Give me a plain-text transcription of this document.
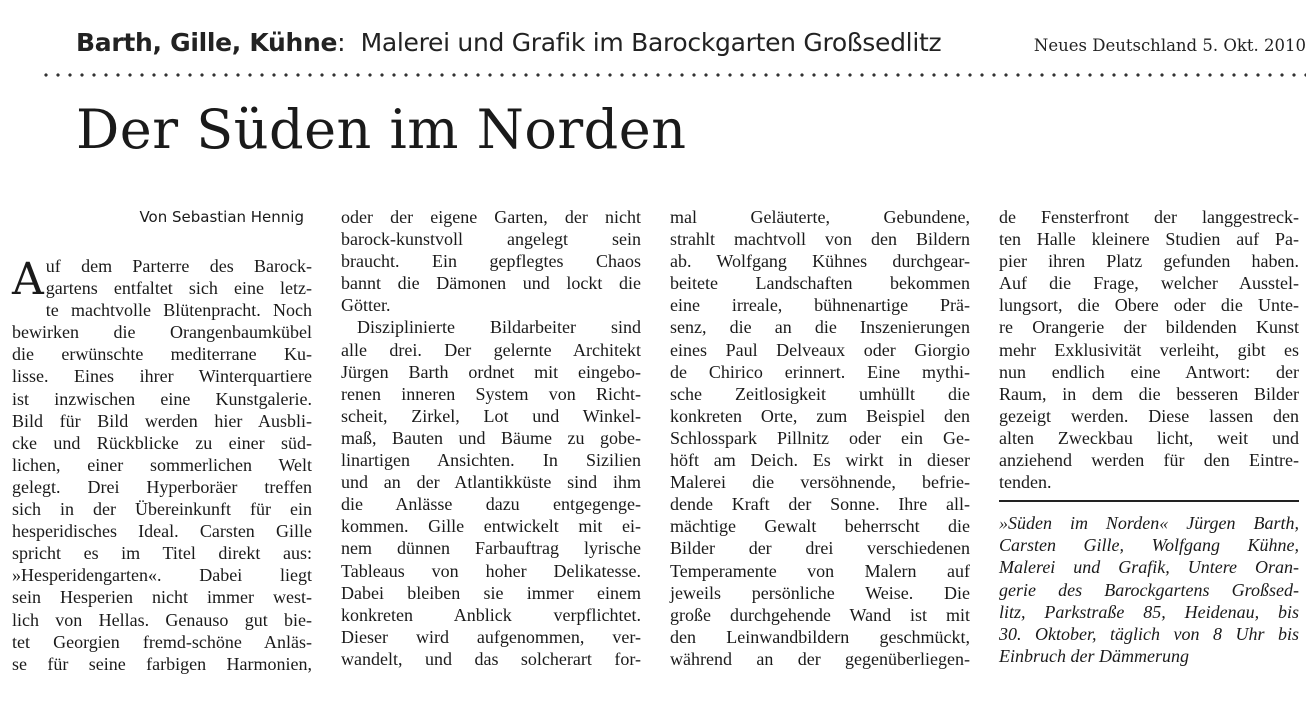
Barth, Gille, Kühne: Malerei und Grafik im Barockgarten Großsedlitz	Neues Deutschland 5. Okt. 2010
Der Süden im Norden
Von Sebastian Hennig
A uf dem Parterre des Barock-
gartens entfaltet sich eine letz-
te machtvolle Blütenpracht. Noch
bewirken die Orangenbaumkübel
die erwünschte mediterrane Ku-
lisse. Eines ihrer Winterquartiere
ist inzwischen eine Kunstgalerie.
Bild für Bild werden hier Ausbli-
cke und Rückblicke zu einer süd-
lichen, einer sommerlichen Welt
gelegt. Drei Hyperboräer treffen
sich in der Übereinkunft für ein
hesperidisches Ideal. Carsten Gille
spricht es im Titel direkt aus:
»Hesperidengarten«. Dabei liegt
sein Hesperien nicht immer west-
lich von Hellas. Genauso gut bie-
tet Georgien fremd-schöne Anläs-
se für seine farbigen Harmonien,
oder der eigene Garten, der nicht
barock-kunstvoll angelegt sein
braucht. Ein gepflegtes Chaos
bannt die Dämonen und lockt die
Götter.
Disziplinierte Bildarbeiter sind
alle drei. Der gelernte Architekt
Jürgen Barth ordnet mit eingebo-
renen inneren System von Richt-
scheit, Zirkel, Lot und Winkel-
maß, Bauten und Bäume zu gobe-
linartigen Ansichten. In Sizilien
und an der Atlantikküste sind ihm
die Anlässe dazu entgegenge-
kommen. Gille entwickelt mit ei-
nem dünnen Farbauftrag lyrische
Tableaus von hoher Delikatesse.
Dabei bleiben sie immer einem
konkreten Anblick verpflichtet.
Dieser wird aufgenommen, ver-
wandelt, und das solcherart for-
mal Geläuterte, Gebundene,
strahlt machtvoll von den Bildern
ab. Wolfgang Kühnes durchgear-
beitete Landschaften bekommen
eine irreale, bühnenartige Prä-
senz, die an die Inszenierungen
eines Paul Delveaux oder Giorgio
de Chirico erinnert. Eine mythi-
sche Zeitlosigkeit umhüllt die
konkreten Orte, zum Beispiel den
Schlosspark Pillnitz oder ein Ge-
höft am Deich. Es wirkt in dieser
Malerei die versöhnende, befrie-
dende Kraft der Sonne. Ihre all-
mächtige Gewalt beherrscht die
Bilder der drei verschiedenen
Temperamente von Malern auf
jeweils persönliche Weise. Die
große durchgehende Wand ist mit
den Leinwandbildern geschmückt,
während an der gegenüberliegen-
de Fensterfront der langgestreck-
ten Halle kleinere Studien auf Pa-
pier ihren Platz gefunden haben.
Auf die Frage, welcher Ausstel-
lungsort, die Obere oder die Unte-
re Orangerie der bildenden Kunst
mehr Exklusivität verleiht, gibt es
nun endlich eine Antwort: der
Raum, in dem die besseren Bilder
gezeigt werden. Diese lassen den
alten Zweckbau licht, weit und
anziehend werden für den Eintre-
tenden.
»Süden im Norden« Jürgen Barth,
Carsten Gille, Wolfgang Kühne,
Malerei und Grafik, Untere Oran-
gerie des Barockgartens Großsed-
litz, Parkstraße 85, Heidenau, bis
30. Oktober, täglich von 8 Uhr bis
Einbruch der Dämmerung
